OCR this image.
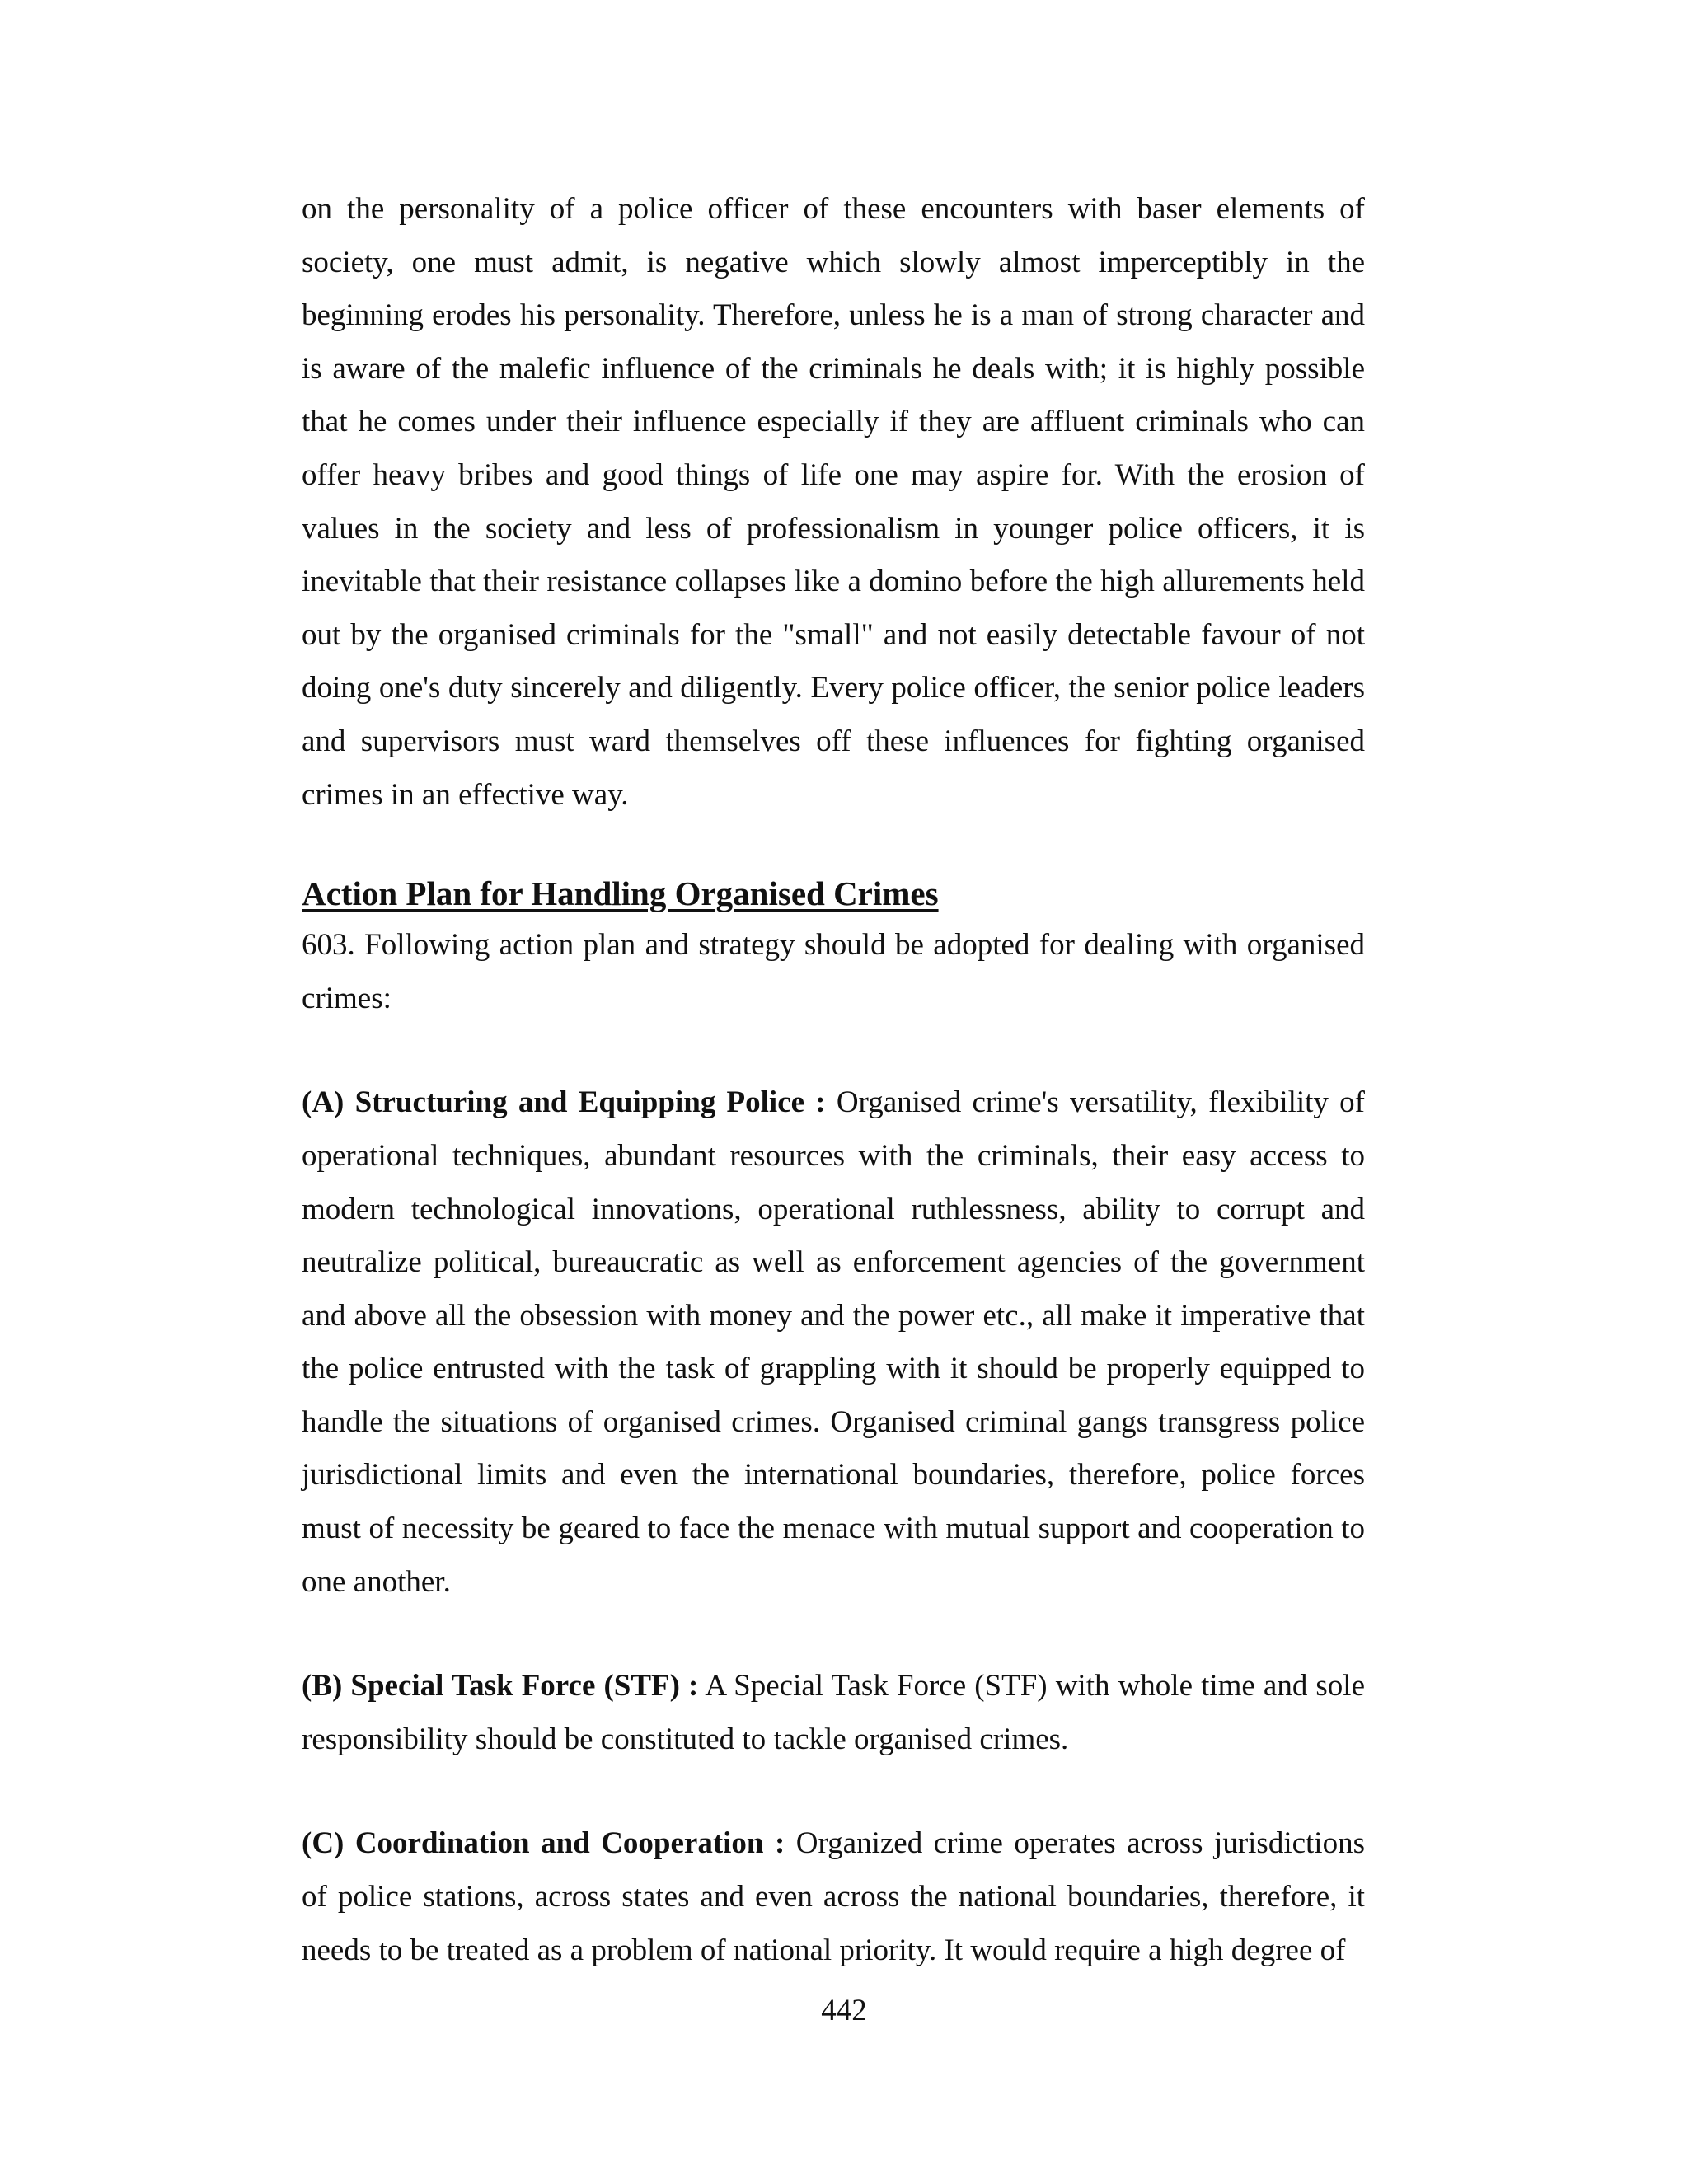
on the personality of a police officer of these encounters with baser elements of society, one must admit, is negative which slowly almost imperceptibly in the beginning erodes his personality. Therefore, unless he is a man of strong character and is aware of the malefic influence of the criminals he deals with; it is highly possible that he comes under their influence especially if they are affluent criminals who can offer heavy bribes and good things of life one may aspire for. With the erosion of values in the society and less of professionalism in younger police officers, it is inevitable that their resistance collapses like a domino before the high allurements held out by the organised criminals for the "small" and not easily detectable favour of not doing one's duty sincerely and diligently. Every police officer, the senior police leaders and supervisors must ward themselves off these influences for fighting organised crimes in an effective way.

Action Plan for Handling Organised Crimes

603. Following action plan and strategy should be adopted for dealing with organised crimes:

(A) Structuring and Equipping Police : Organised crime's versatility, flexibility of operational techniques, abundant resources with the criminals, their easy access to modern technological innovations, operational ruthlessness, ability to corrupt and neutralize political, bureaucratic as well as enforcement agencies of the government and above all the obsession with money and the power etc., all make it imperative that the police entrusted with the task of grappling with it should be properly equipped to handle the situations of organised crimes. Organised criminal gangs transgress police jurisdictional limits and even the international boundaries, therefore, police forces must of necessity be geared to face the menace with mutual support and cooperation to one another.

(B) Special Task Force (STF) : A Special Task Force (STF) with whole time and sole responsibility should be constituted to tackle organised crimes.

(C) Coordination and Cooperation : Organized crime operates across jurisdictions of police stations, across states and even across the national boundaries, therefore, it needs to be treated as a problem of national priority. It would require a high degree of

442
